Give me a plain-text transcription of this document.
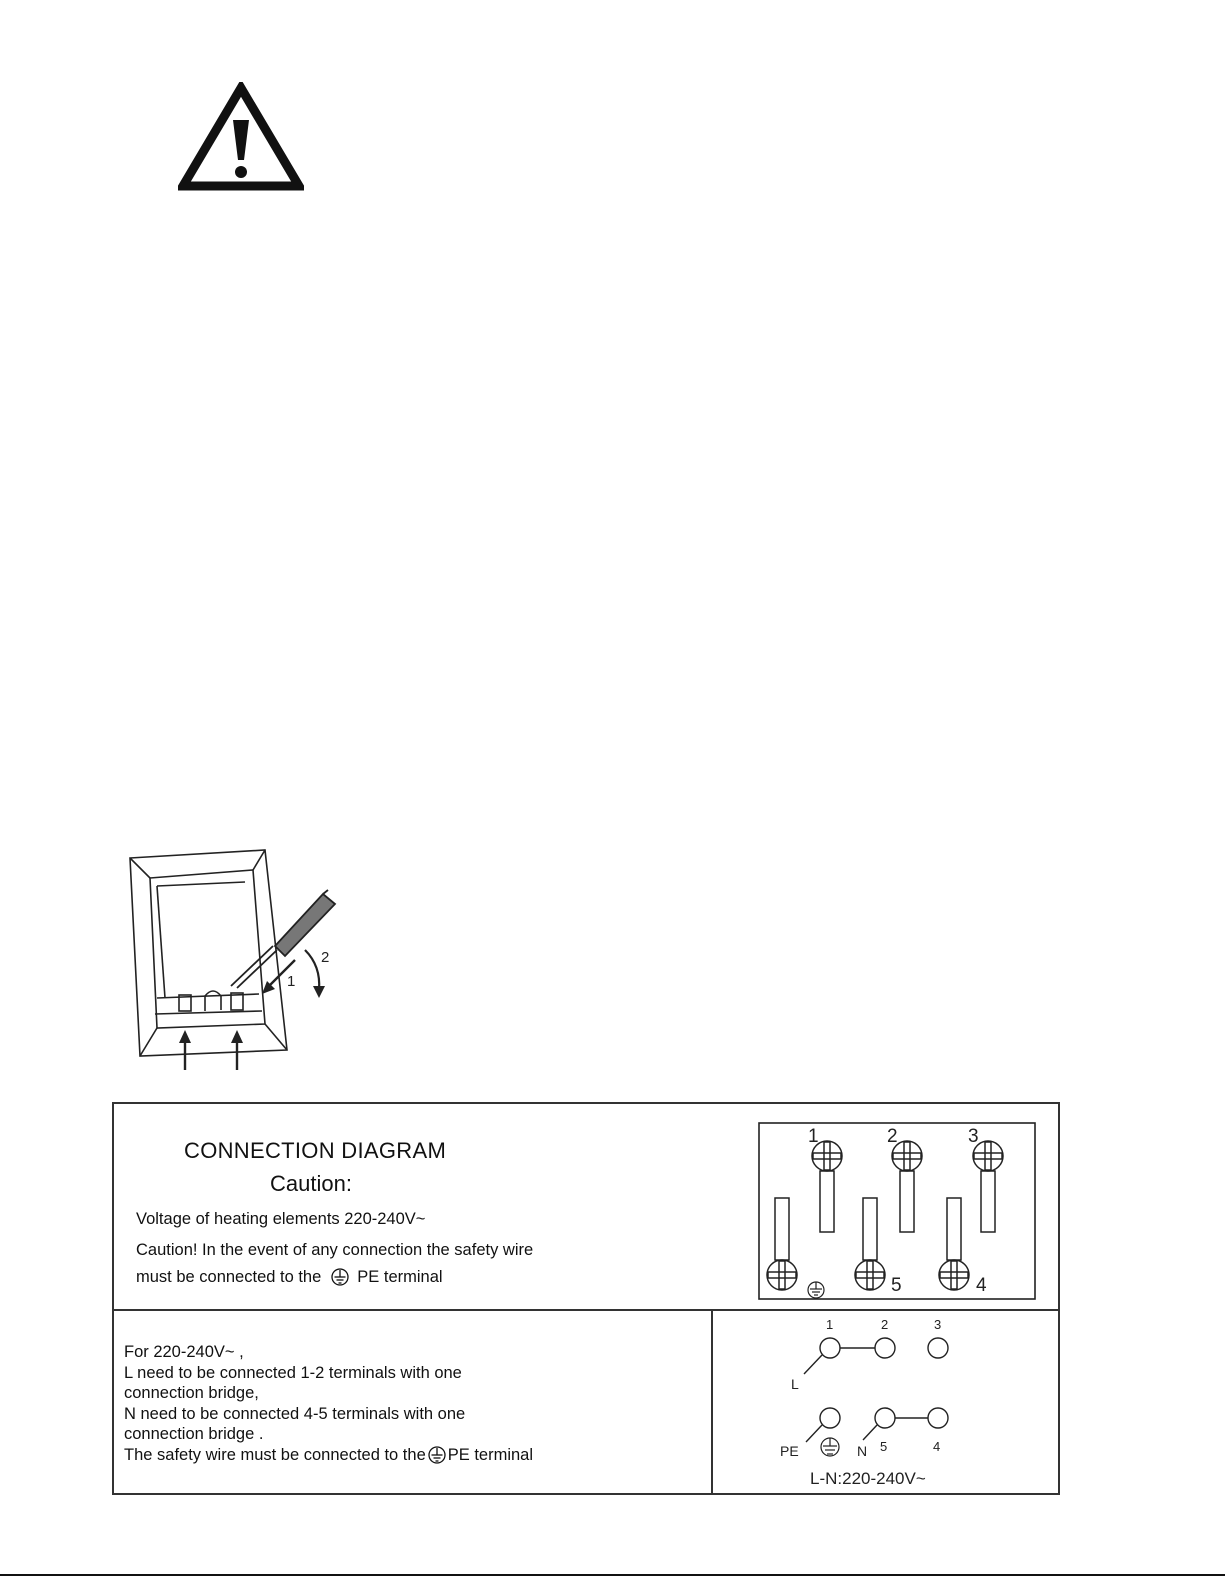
1
2
CONNECTION DIAGRAM
Caution:
Voltage of heating elements 220-240V~
Caution! In the event of any connection the safety wire
must be connected to the PE terminal
1	2	3
5	4
For 220-240V~ ,
L need to be connected 1-2 terminals with one
connection bridge,
N need to be connected 4-5 terminals with one
connection bridge .
The safety wire must be connected to the PE terminal
1	2	3
L
PE	N 5	4
L-N:220-240V~
